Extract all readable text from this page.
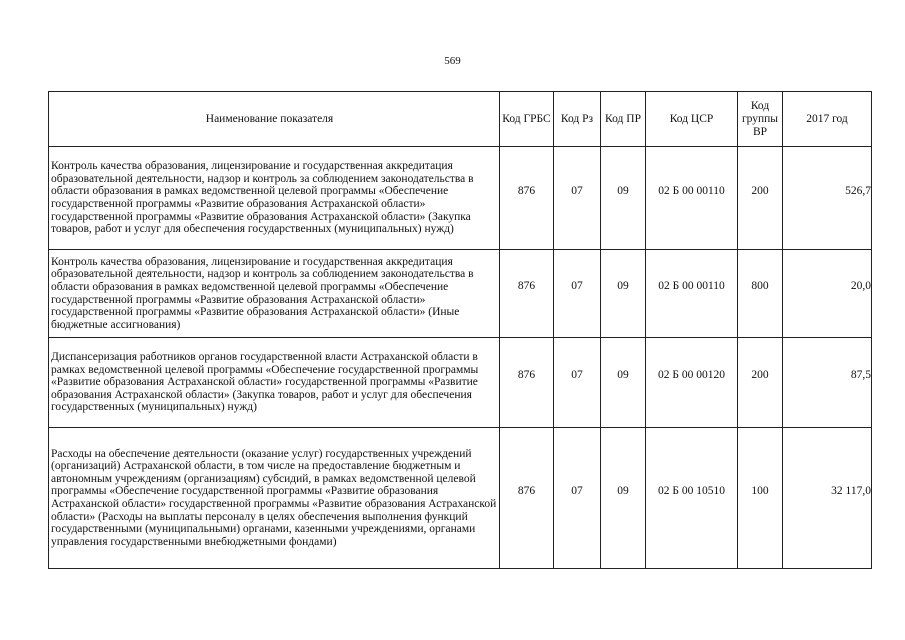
569
Наименование показателя	Код ГРБС	Код Рз	Код ПР	Код ЦСР	Код группы ВР	2017 год
Контроль качества образования, лицензирование и государственная аккредитация образовательной деятельности, надзор и контроль за соблюдением законодательства в области образования в рамках ведомственной целевой программы «Обеспечение государственной программы «Развитие образования Астраханской области» государственной программы «Развитие образования Астраханской области» (Закупка товаров, работ и услуг для обеспечения государственных (муниципальных) нужд)	876	07	09	02 Б 00 00110	200	526,7
Контроль качества образования, лицензирование и государственная аккредитация образовательной деятельности, надзор и контроль за соблюдением законодательства в области образования в рамках ведомственной целевой программы «Обеспечение государственной программы «Развитие образования Астраханской области» государственной программы «Развитие образования Астраханской области» (Иные бюджетные ассигнования)	876	07	09	02 Б 00 00110	800	20,0
Диспансеризация работников органов государственной власти Астраханской области в рамках ведомственной целевой программы «Обеспечение государственной программы «Развитие образования Астраханской области» государственной программы «Развитие образования Астраханской области» (Закупка товаров, работ и услуг для обеспечения государственных (муниципальных) нужд)	876	07	09	02 Б 00 00120	200	87,5
Расходы на обеспечение деятельности (оказание услуг) государственных учреждений (организаций) Астраханской области, в том числе на предоставление бюджетным и автономным учреждениям (организациям) субсидий, в рамках ведомственной целевой программы «Обеспечение государственной программы «Развитие образования Астраханской области» государственной программы «Развитие образования Астраханской области» (Расходы на выплаты персоналу в целях обеспечения выполнения функций государственными (муниципальными) органами, казенными учреждениями, органами управления государственными внебюджетными фондами)	876	07	09	02 Б 00 10510	100	32 117,0
